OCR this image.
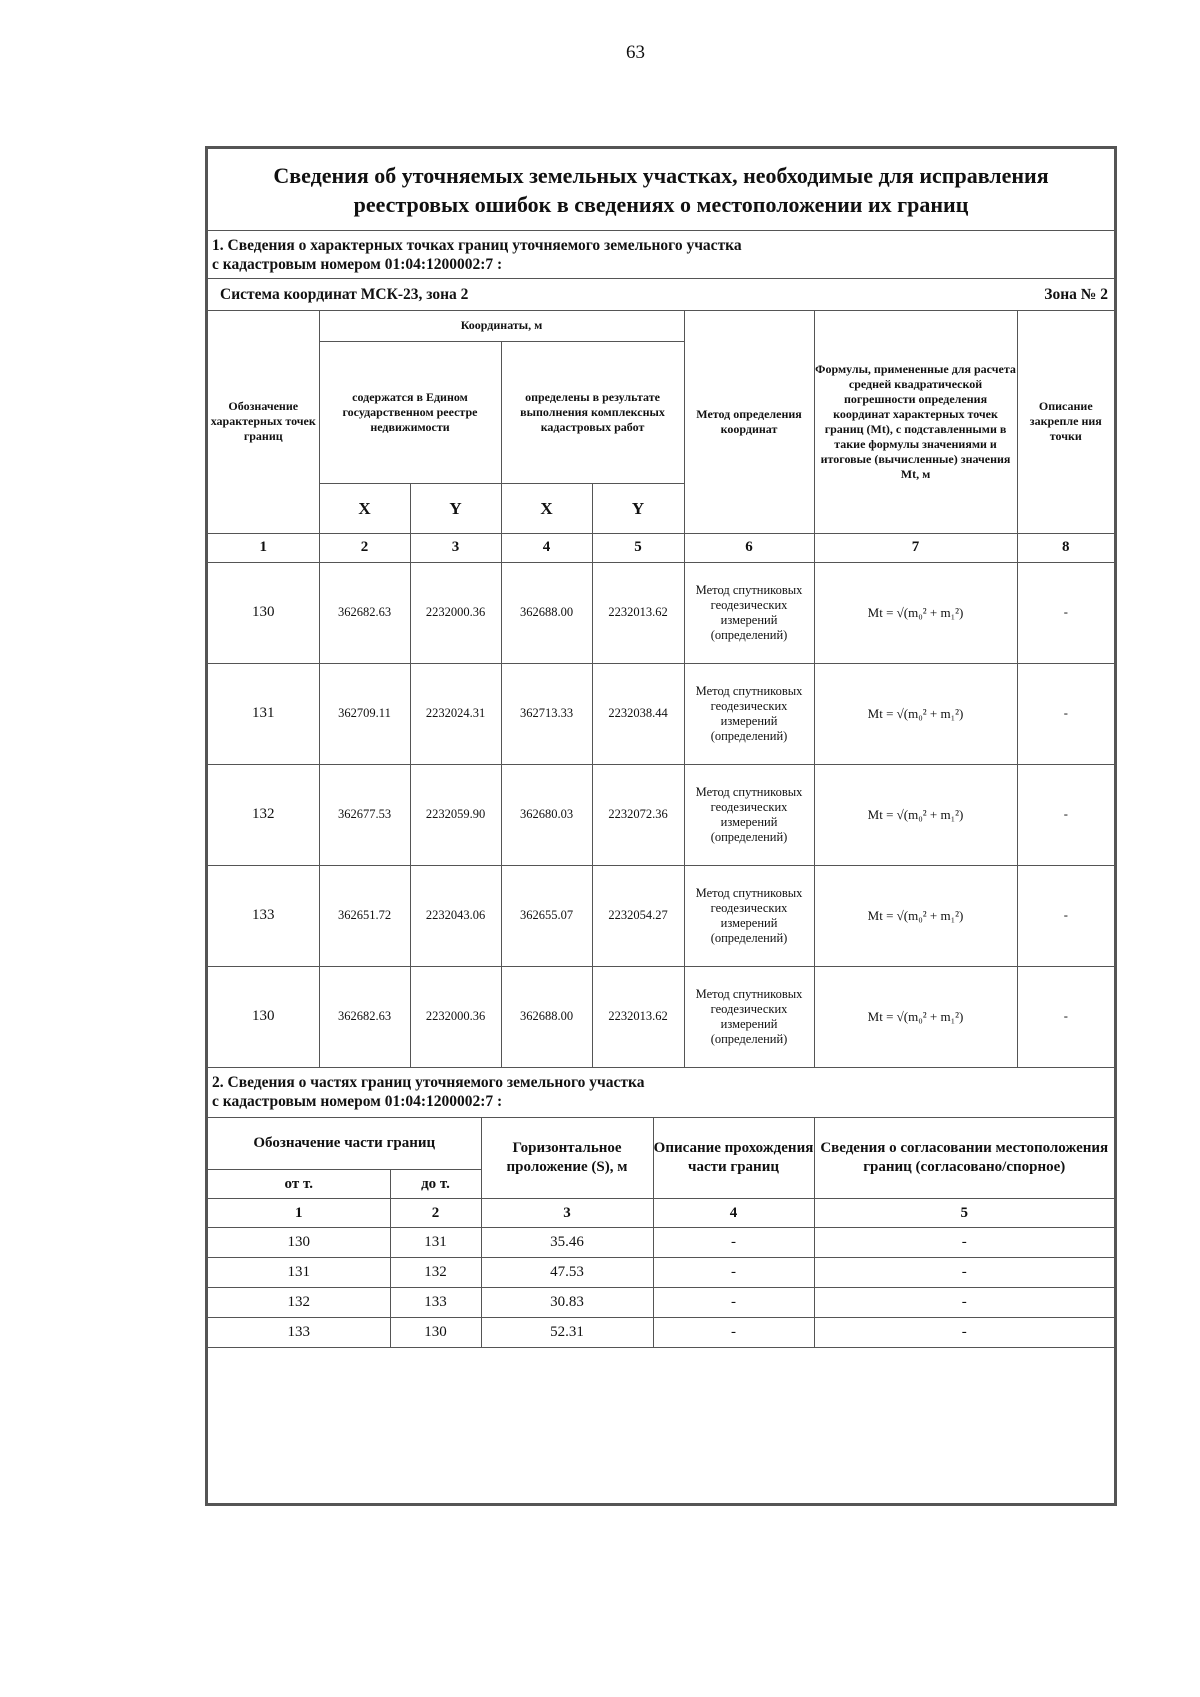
63
Сведения об уточняемых земельных участках, необходимые для исправления
реестровых ошибок в сведениях о местоположении их границ
1. Сведения о характерных точках границ уточняемого земельного участка
с кадастровым номером 01:04:1200002:7 :
Система координат МСК-23, зона 2	Зона № 2
Обозначение характерных точек границ	Координаты, м				Метод определения координат	Формулы, примененные для расчета средней квадратической погрешности определения координат характерных точек границ (Mt), с подставленными в такие формулы значениями и итоговые (вычисленные) значения Mt, м	Описание закрепле ния точки
	содержатся в Едином государственном реестре недвижимости		определены в результате выполнения комплексных кадастровых работ				
	X	Y	X	Y			
1	2	3	4	5	6	7	8
130	362682.63	2232000.36	362688.00	2232013.62	Метод спутниковых геодезических измерений (определений)	Mt = √(m₀² + m₁²)	-
131	362709.11	2232024.31	362713.33	2232038.44	Метод спутниковых геодезических измерений (определений)	Mt = √(m₀² + m₁²)	-
132	362677.53	2232059.90	362680.03	2232072.36	Метод спутниковых геодезических измерений (определений)	Mt = √(m₀² + m₁²)	-
133	362651.72	2232043.06	362655.07	2232054.27	Метод спутниковых геодезических измерений (определений)	Mt = √(m₀² + m₁²)	-
130	362682.63	2232000.36	362688.00	2232013.62	Метод спутниковых геодезических измерений (определений)	Mt = √(m₀² + m₁²)	-
2. Сведения о частях границ уточняемого земельного участка
с кадастровым номером 01:04:1200002:7 :
Обозначение части границ		Горизонтальное проложение (S), м	Описание прохождения части границ	Сведения о согласовании местоположения границ (согласовано/спорное)
от т.	до т.			
1	2	3	4	5
130	131	35.46	-	-
131	132	47.53	-	-
132	133	30.83	-	-
133	130	52.31	-	-
